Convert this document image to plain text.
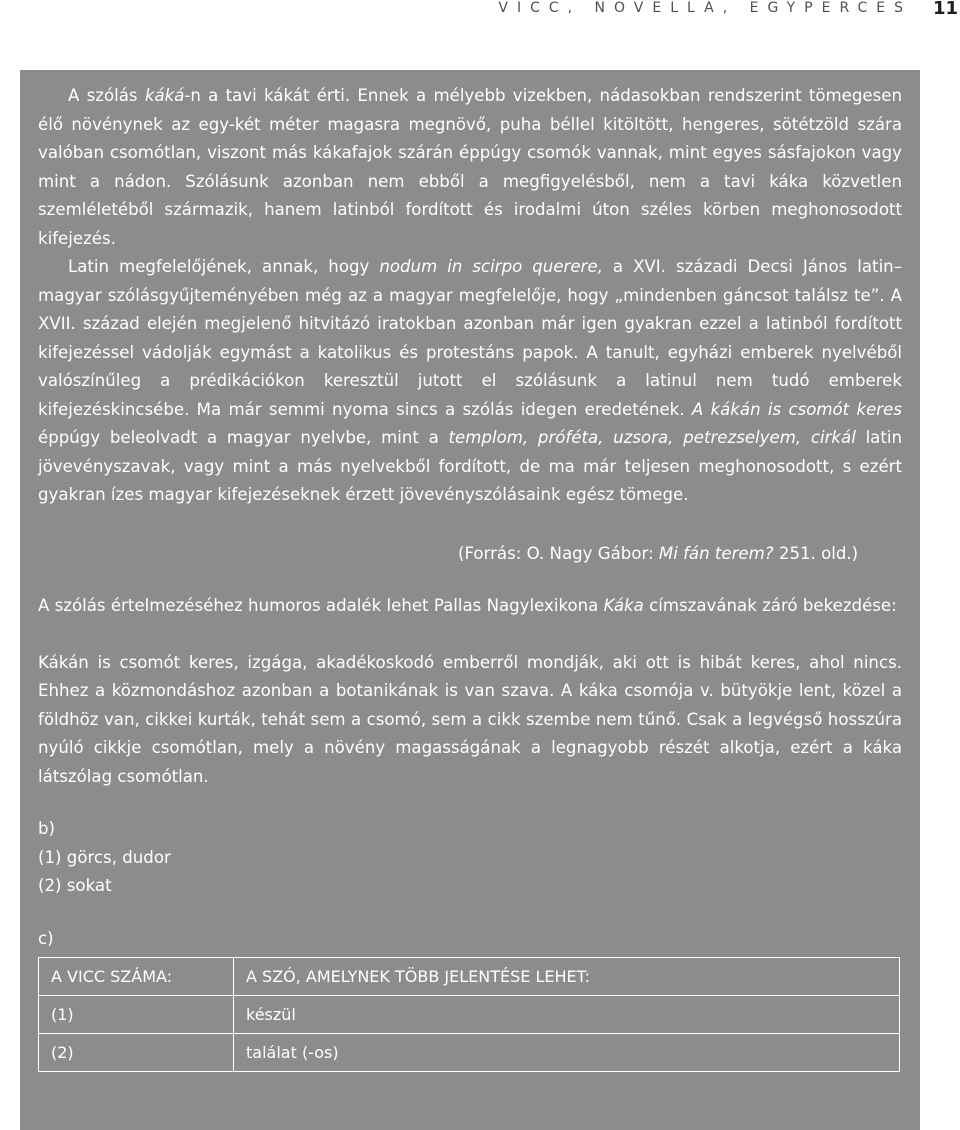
VICC, NOVELLA, EGYPERCES 11

A szólás káká-n a tavi kákát érti. Ennek a mélyebb vizekben, nádasokban rendszerint tömegesen élő növénynek az egy-két méter magasra megnövő, puha béllel kitöltött, hengeres, sötétzöld szára valóban csomótlan, viszont más kákafajok szárán éppúgy csomók vannak, mint egyes sásfajokon vagy mint a nádon. Szólásunk azonban nem ebből a megfigyelésből, nem a tavi káka közvetlen szemléletéből származik, hanem latinból fordított és irodalmi úton széles körben meghonosodott kifejezés.

Latin megfelelőjének, annak, hogy nodum in scirpo querere, a XVI. századi Decsi János latin–magyar szólásgyűjteményében még az a magyar megfelelője, hogy „mindenben gáncsot találsz te”. A XVII. század elején megjelenő hitvitázó iratokban azonban már igen gyakran ezzel a latinból fordított kifejezéssel vádolják egymást a katolikus és protestáns papok. A tanult, egyházi emberek nyelvéből valószínűleg a prédikációkon keresztül jutott el szólásunk a latinul nem tudó emberek kifejezéskincsébe. Ma már semmi nyoma sincs a szólás idegen eredetének. A kákán is csomót keres éppúgy beleolvadt a magyar nyelvbe, mint a templom, próféta, uzsora, petrezselyem, cirkál latin jövevényszavak, vagy mint a más nyelvekből fordított, de ma már teljesen meghonosodott, s ezért gyakran ízes magyar kifejezéseknek érzett jövevényszólásaink egész tömege.

(Forrás: O. Nagy Gábor: Mi fán terem? 251. old.)

A szólás értelmezéséhez humoros adalék lehet Pallas Nagylexikona Káka címszavának záró bekezdése:

Kákán is csomót keres, izgága, akadékoskodó emberről mondják, aki ott is hibát keres, ahol nincs. Ehhez a közmondáshoz azonban a botanikának is van szava. A káka csomója v. bütyökje lent, közel a földhöz van, cikkei kurták, tehát sem a csomó, sem a cikk szembe nem tűnő. Csak a legvégső hosszúra nyúló cikkje csomótlan, mely a növény magasságának a legnagyobb részét alkotja, ezért a káka látszólag csomótlan.

b)
(1) görcs, dudor
(2) sokat
c)
A VICC SZÁMA:	A SZÓ, AMELYNEK TÖBB JELENTÉSE LEHET:
(1)	készül
(2)	találat (-os)
